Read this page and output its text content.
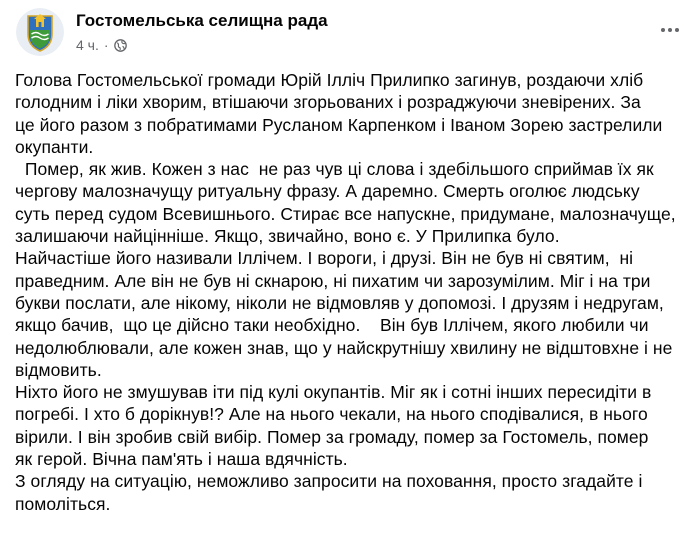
Гостомельська селищна рада
4 ч. ·
Голова Гостомельської громади Юрій Ілліч Прилипко загинув, роздаючи хліб
голодним і ліки хворим, втішаючи згорьованих і розраджуючи зневірених. За
це його разом з побратимами Русланом Карпенком і Іваном Зорею застрелили
окупанти.
Помер, як жив. Кожен з нас  не раз чув ці слова і здебільшого сприймав їх як
чергову малозначущу ритуальну фразу. А даремно. Смерть оголює людську
суть перед судом Всевишнього. Стирає все напускне, придумане, малозначуще,
залишаючи найцінніше. Якщо, звичайно, воно є. У Прилипка було.
Найчастіше його називали Іллічем. І вороги, і друзі. Він не був ні святим,  ні
праведним. Але він не був ні скнарою, ні пихатим чи зарозумілим. Міг і на три
букви послати, але нікому, ніколи не відмовляв у допомозі. І друзям і недругам,
якщо бачив,  що це дійсно таки необхідно.    Він був Іллічем, якого любили чи
недолюблювали, але кожен знав, що у найскрутнішу хвилину не відштовхне і не
відмовить.
Ніхто його не змушував іти під кулі окупантів. Міг як і сотні інших пересидіти в
погребі. І хто б дорікнув!? Але на нього чекали, на нього сподівалися, в нього
вірили. І він зробив свій вибір. Помер за громаду, помер за Гостомель, помер
як герой. Вічна пам'ять і наша вдячність.
З огляду на ситуацію, неможливо запросити на поховання, просто згадайте і
помоліться.
